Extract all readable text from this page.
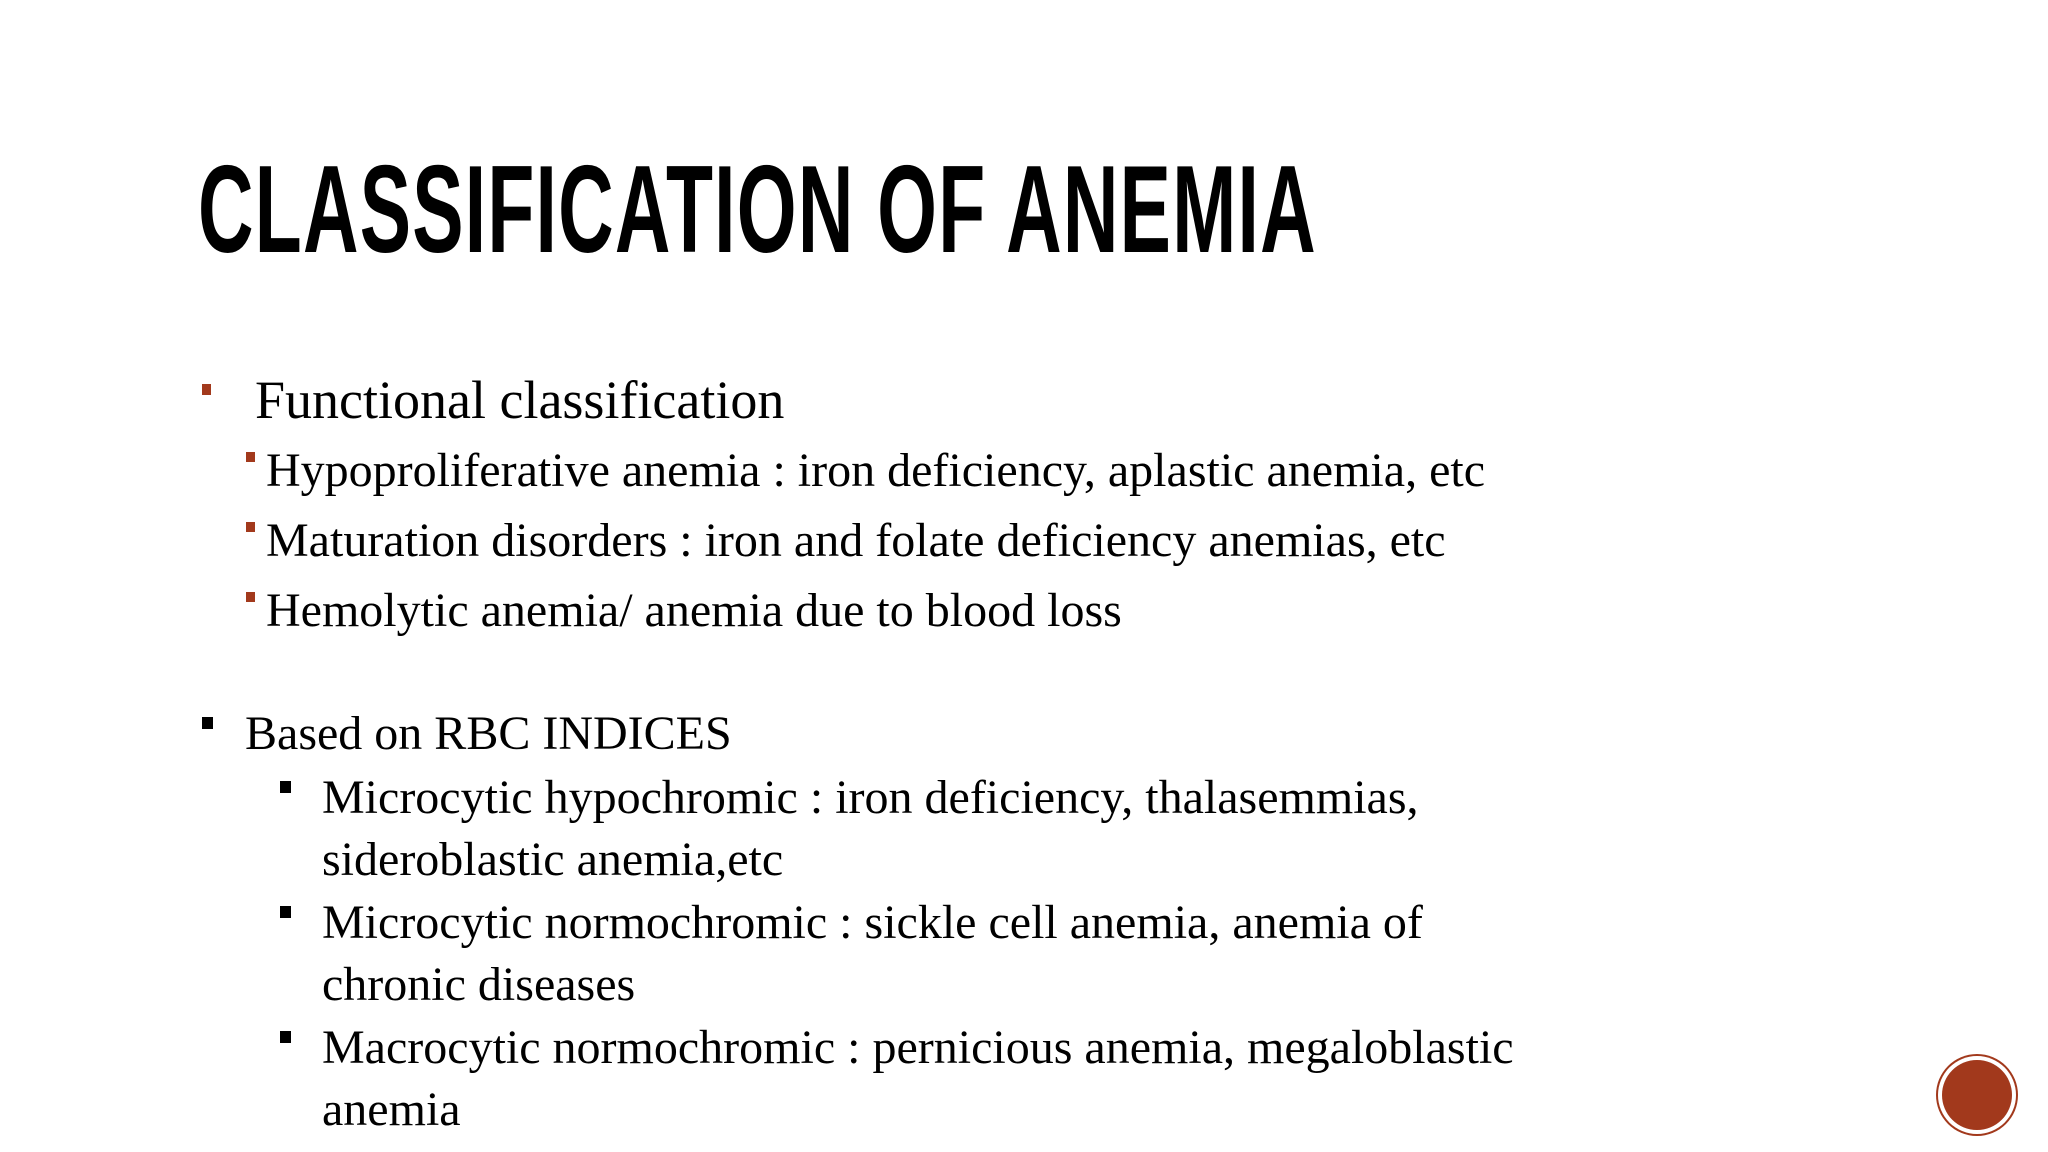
CLASSIFICATION OF ANEMIA
Functional classification
Hypoproliferative anemia : iron deficiency, aplastic anemia, etc
Maturation disorders : iron and folate deficiency anemias, etc
Hemolytic anemia/ anemia due to blood loss
Based on RBC INDICES
Microcytic hypochromic : iron deficiency, thalasemmias,
sideroblastic anemia,etc
Microcytic normochromic : sickle cell anemia, anemia of
chronic diseases
Macrocytic normochromic : pernicious anemia, megaloblastic
anemia
